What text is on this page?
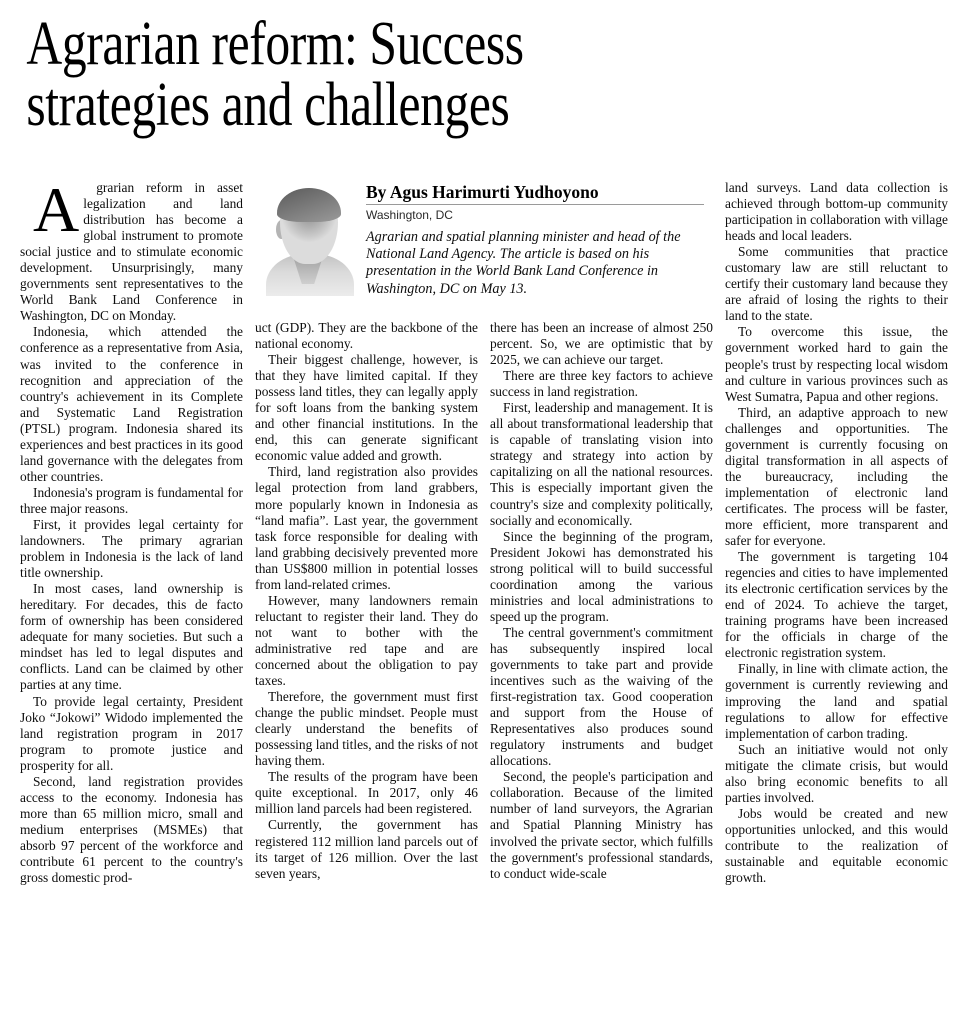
Agrarian reform: Success
strategies and challenges

By Agus Harimurti Yudhoyono

Washington, DC

Agrarian and spatial planning minister and head of the National Land Agency. The article is based on his presentation in the World Bank Land Conference in Washington, DC on May 13.

A grarian reform in asset legalization and land distribution has become a global instrument to promote social justice and to stimulate economic development. Unsurprisingly, many governments sent representatives to the World Bank Land Conference in Washington, DC on Monday.

Indonesia, which attended the conference as a representative from Asia, was invited to the conference in recognition and appreciation of the country's achievement in its Complete and Systematic Land Registration (PTSL) program. Indonesia shared its experiences and best practices in its good land governance with the delegates from other countries.

Indonesia's program is fundamental for three major reasons.

First, it provides legal certainty for landowners. The primary agrarian problem in Indonesia is the lack of land title ownership.

In most cases, land ownership is hereditary. For decades, this de facto form of ownership has been considered adequate for many societies. But such a mindset has led to legal disputes and conflicts. Land can be claimed by other parties at any time.

To provide legal certainty, President Joko “Jokowi” Widodo implemented the land registration program in 2017 program to promote justice and prosperity for all.

Second, land registration provides access to the economy. Indonesia has more than 65 million micro, small and medium enterprises (MSMEs) that absorb 97 percent of the workforce and contribute 61 percent to the country's gross domestic prod-

uct (GDP). They are the backbone of the national economy.

Their biggest challenge, however, is that they have limited capital. If they possess land titles, they can legally apply for soft loans from the banking system and other financial institutions. In the end, this can generate significant economic value added and growth.

Third, land registration also provides legal protection from land grabbers, more popularly known in Indonesia as “land mafia”. Last year, the government task force responsible for dealing with land grabbing decisively prevented more than US$800 million in potential losses from land-related crimes.

However, many landowners remain reluctant to register their land. They do not want to bother with the administrative red tape and are concerned about the obligation to pay taxes.

Therefore, the government must first change the public mindset. People must clearly understand the benefits of possessing land titles, and the risks of not having them.

The results of the program have been quite exceptional. In 2017, only 46 million land parcels had been registered.

Currently, the government has registered 112 million land parcels out of its target of 126 million. Over the last seven years,

there has been an increase of almost 250 percent. So, we are optimistic that by 2025, we can achieve our target.

There are three key factors to achieve success in land registration.

First, leadership and management. It is all about transformational leadership that is capable of translating vision into strategy and strategy into action by capitalizing on all the national resources. This is especially important given the country's size and complexity politically, socially and economically.

Since the beginning of the program, President Jokowi has demonstrated his strong political will to build successful coordination among the various ministries and local administrations to speed up the program.

The central government's commitment has subsequently inspired local governments to take part and provide incentives such as the waiving of the first-registration tax. Good cooperation and support from the House of Representatives also produces sound regulatory instruments and budget allocations.

Second, the people's participation and collaboration. Because of the limited number of land surveyors, the Agrarian and Spatial Planning Ministry has involved the private sector, which fulfills the government's professional standards, to conduct wide-scale

land surveys. Land data collection is achieved through bottom-up community participation in collaboration with village heads and local leaders.

Some communities that practice customary law are still reluctant to certify their customary land because they are afraid of losing the rights to their land to the state.

To overcome this issue, the government worked hard to gain the people's trust by respecting local wisdom and culture in various provinces such as West Sumatra, Papua and other regions.

Third, an adaptive approach to new challenges and opportunities. The government is currently focusing on digital transformation in all aspects of the bureaucracy, including the implementation of electronic land certificates. The process will be faster, more efficient, more transparent and safer for everyone.

The government is targeting 104 regencies and cities to have implemented its electronic certification services by the end of 2024. To achieve the target, training programs have been increased for the officials in charge of the electronic registration system.

Finally, in line with climate action, the government is currently reviewing and improving the land and spatial regulations to allow for effective implementation of carbon trading.

Such an initiative would not only mitigate the climate crisis, but would also bring economic benefits to all parties involved.

Jobs would be created and new opportunities unlocked, and this would contribute to the realization of sustainable and equitable economic growth.
